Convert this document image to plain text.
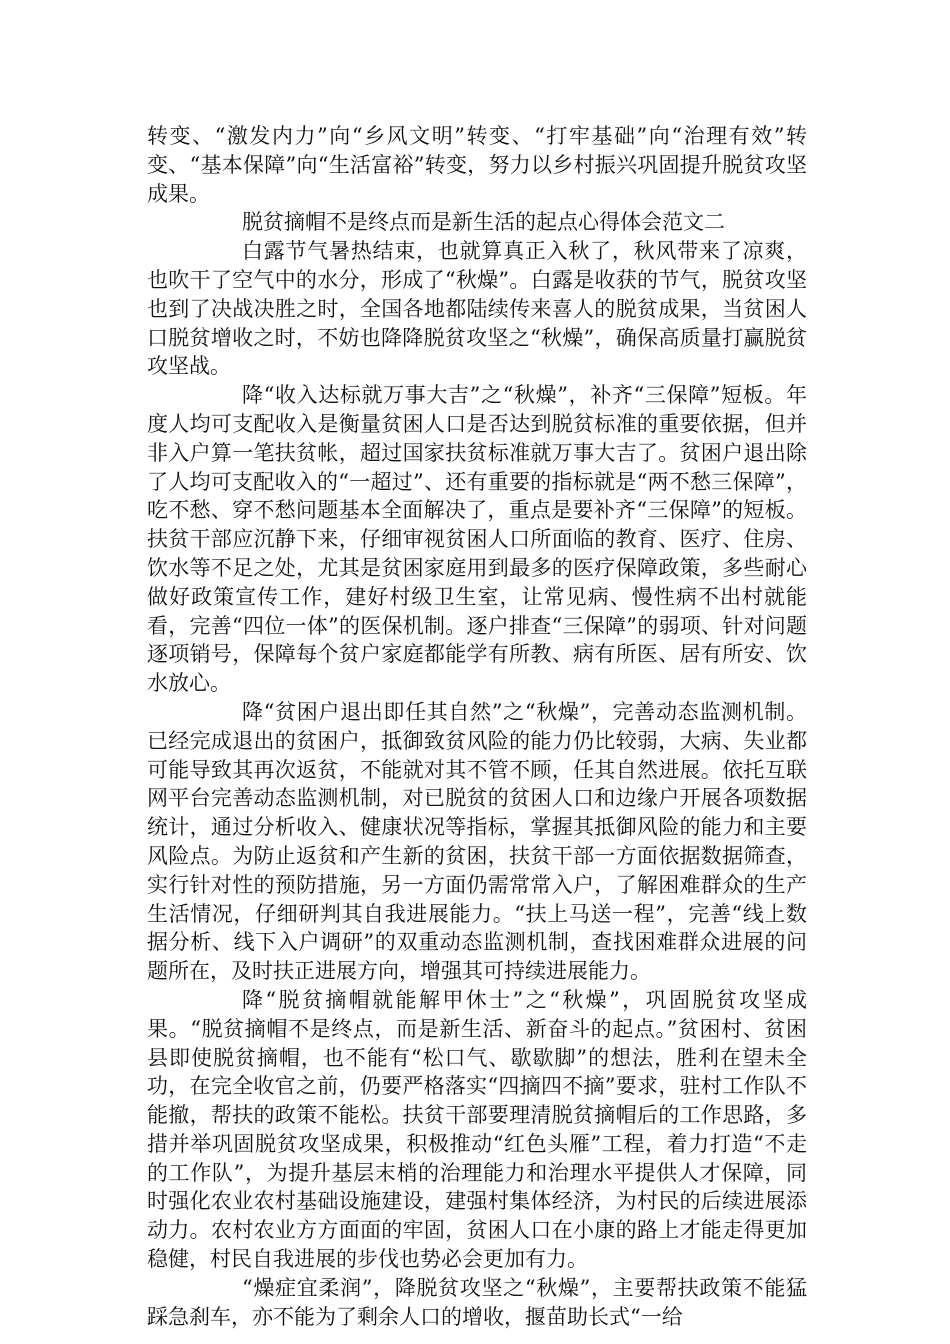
转变、“激发内力”向“乡风文明”转变、“打牢基础”向“治理有效”转变、“基本保障”向“生活富裕”转变，努力以乡村振兴巩固提升脱贫攻坚成果。

脱贫摘帽不是终点而是新生活的起点心得体会范文二

白露节气暑热结束，也就算真正入秋了，秋风带来了凉爽，也吹干了空气中的水分，形成了“秋燥”。白露是收获的节气，脱贫攻坚也到了决战决胜之时，全国各地都陆续传来喜人的脱贫成果，当贫困人口脱贫增收之时，不妨也降降脱贫攻坚之“秋燥”，确保高质量打赢脱贫攻坚战。

降“收入达标就万事大吉”之“秋燥”，补齐“三保障”短板。年度人均可支配收入是衡量贫困人口是否达到脱贫标准的重要依据，但并非入户算一笔扶贫帐，超过国家扶贫标准就万事大吉了。贫困户退出除了人均可支配收入的“一超过”、还有重要的指标就是“两不愁三保障”，吃不愁、穿不愁问题基本全面解决了，重点是要补齐“三保障”的短板。扶贫干部应沉静下来，仔细审视贫困人口所面临的教育、医疗、住房、饮水等不足之处，尤其是贫困家庭用到最多的医疗保障政策，多些耐心做好政策宣传工作，建好村级卫生室，让常见病、慢性病不出村就能看，完善“四位一体”的医保机制。逐户排查“三保障”的弱项、针对问题逐项销号，保障每个贫户家庭都能学有所教、病有所医、居有所安、饮水放心。

降“贫困户退出即任其自然”之“秋燥”，完善动态监测机制。已经完成退出的贫困户，抵御致贫风险的能力仍比较弱，大病、失业都可能导致其再次返贫，不能就对其不管不顾，任其自然进展。依托互联网平台完善动态监测机制，对已脱贫的贫困人口和边缘户开展各项数据统计，通过分析收入、健康状况等指标，掌握其抵御风险的能力和主要风险点。为防止返贫和产生新的贫困，扶贫干部一方面依据数据筛查，实行针对性的预防措施，另一方面仍需常常入户，了解困难群众的生产生活情况，仔细研判其自我进展能力。“扶上马送一程”，完善“线上数据分析、线下入户调研”的双重动态监测机制，查找困难群众进展的问题所在，及时扶正进展方向，增强其可持续进展能力。

降“脱贫摘帽就能解甲休士”之“秋燥”，巩固脱贫攻坚成果。“脱贫摘帽不是终点，而是新生活、新奋斗的起点。”贫困村、贫困县即使脱贫摘帽，也不能有“松口气、歇歇脚”的想法，胜利在望未全功，在完全收官之前，仍要严格落实“四摘四不摘”要求，驻村工作队不能撤，帮扶的政策不能松。扶贫干部要理清脱贫摘帽后的工作思路，多措并举巩固脱贫攻坚成果，积极推动“红色头雁”工程，着力打造“不走的工作队”，为提升基层末梢的治理能力和治理水平提供人才保障，同时强化农业农村基础设施建设，建强村集体经济，为村民的后续进展添动力。农村农业方方面面的牢固，贫困人口在小康的路上才能走得更加稳健，村民自我进展的步伐也势必会更加有力。

“燥症宜柔润”，降脱贫攻坚之“秋燥”，主要帮扶政策不能猛踩急刹车，亦不能为了剩余人口的增收，揠苗助长式“一给
